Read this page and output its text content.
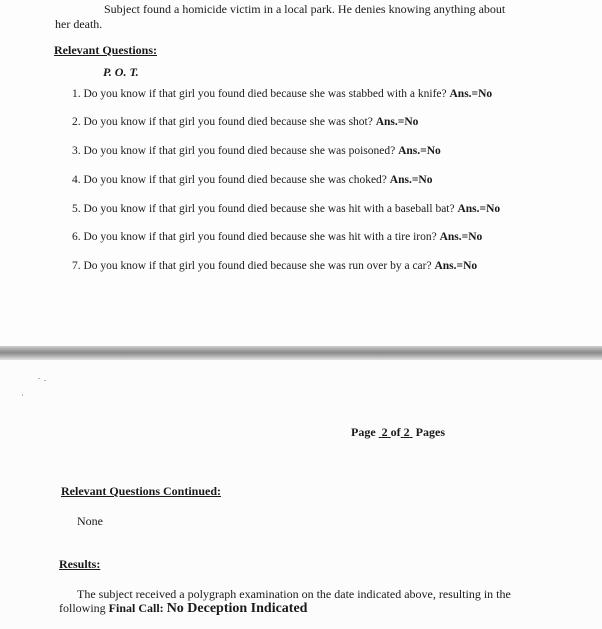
Subject found a homicide victim in a local park. He denies knowing anything about
her death.
Relevant Questions:
P. O. T.
1. Do you know if that girl you found died because she was stabbed with a knife? Ans.=No
2. Do you know if that girl you found died because she was shot? Ans.=No
3. Do you know if that girl you found died because she was poisoned? Ans.=No
4. Do you know if that girl you found died because she was choked? Ans.=No
5. Do you know if that girl you found died because she was hit with a baseball bat? Ans.=No
6. Do you know if that girl you found died because she was hit with a tire iron? Ans.=No
7. Do you know if that girl you found died because she was run over by a car? Ans.=No
Page 2 of 2 Pages
Relevant Questions Continued:
None
Results:
The subject received a polygraph examination on the date indicated above, resulting in the
following Final Call: No Deception Indicated
